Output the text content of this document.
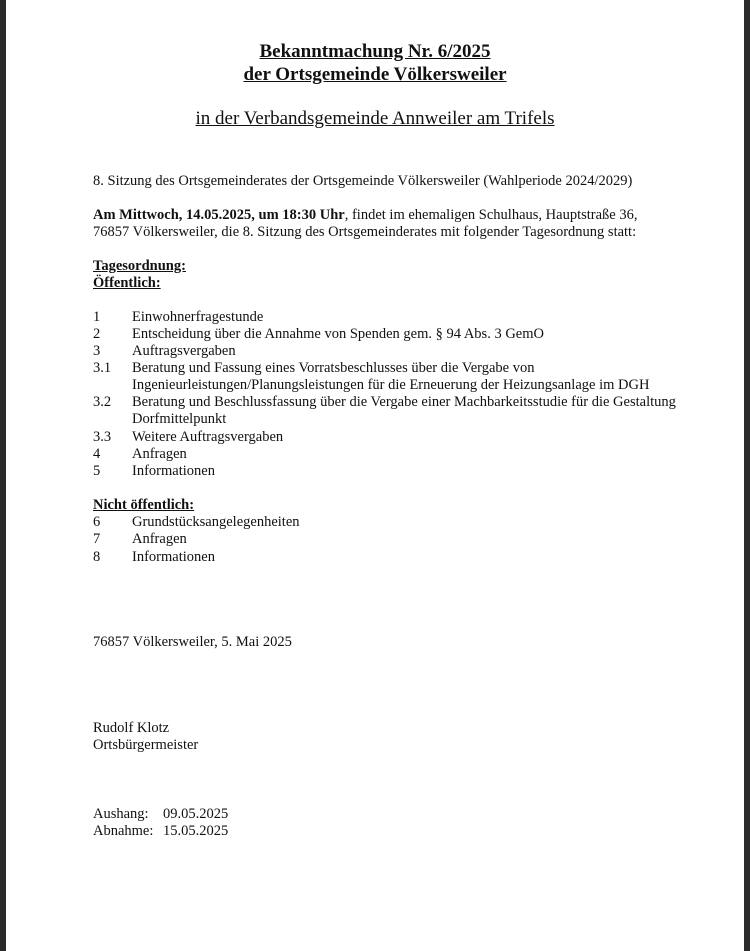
Bekanntmachung Nr. 6/2025
der Ortsgemeinde Völkersweiler
in der Verbandsgemeinde Annweiler am Trifels
8. Sitzung des Ortsgemeinderates der Ortsgemeinde Völkersweiler (Wahlperiode 2024/2029)
Am Mittwoch, 14.05.2025, um 18:30 Uhr, findet im ehemaligen Schulhaus, Hauptstraße 36,
76857 Völkersweiler, die 8. Sitzung des Ortsgemeinderates mit folgender Tagesordnung statt:
Tagesordnung:
Öffentlich:
1 Einwohnerfragestunde
2 Entscheidung über die Annahme von Spenden gem. § 94 Abs. 3 GemO
3 Auftragsvergaben
3.1 Beratung und Fassung eines Vorratsbeschlusses über die Vergabe von Ingenieurleistungen/Planungsleistungen für die Erneuerung der Heizungsanlage im DGH
3.2 Beratung und Beschlussfassung über die Vergabe einer Machbarkeitsstudie für die Gestaltung Dorfmittelpunkt
3.3 Weitere Auftragsvergaben
4 Anfragen
5 Informationen
Nicht öffentlich:
6 Grundstücksangelegenheiten
7 Anfragen
8 Informationen
76857 Völkersweiler, 5. Mai 2025
Rudolf Klotz
Ortsbürgermeister
Aushang: 09.05.2025
Abnahme: 15.05.2025
